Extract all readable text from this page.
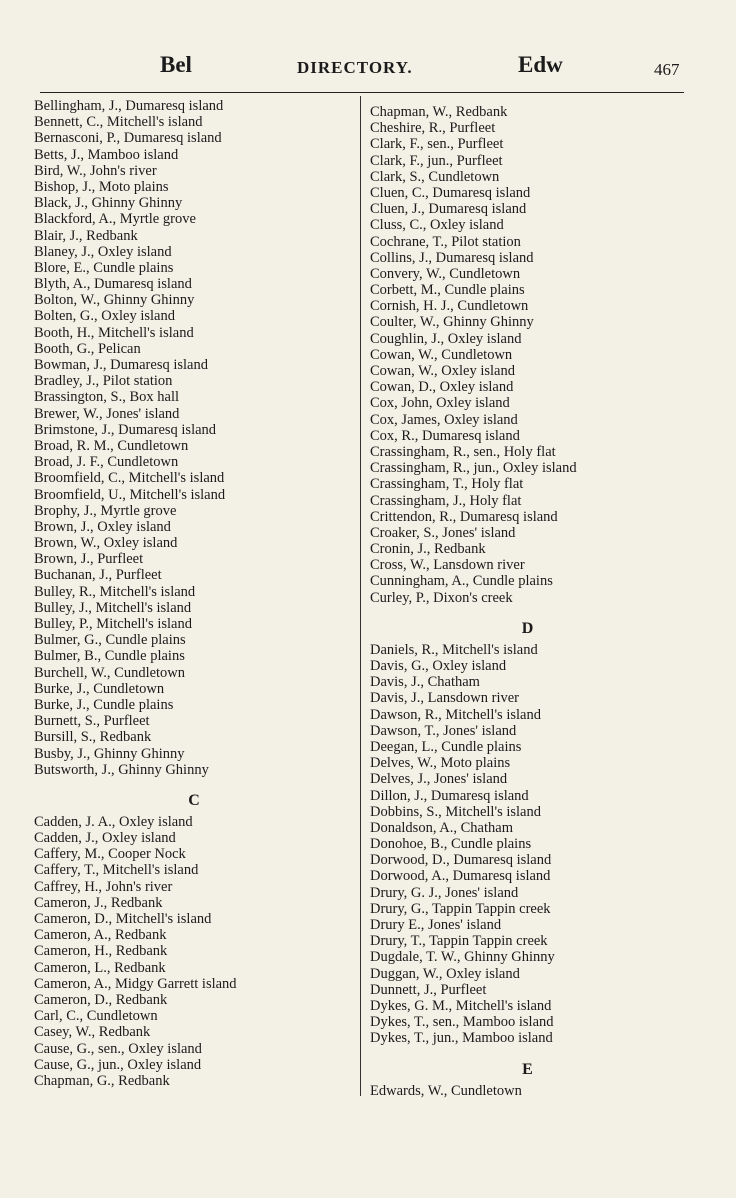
Bel	DIRECTORY.	Edw	467
Bellingham, J., Dumaresq island
Bennett, C., Mitchell's island
Bernasconi, P., Dumaresq island
Betts, J., Mamboo island
Bird, W., John's river
Bishop, J., Moto plains
Black, J., Ghinny Ghinny
Blackford, A., Myrtle grove
Blair, J., Redbank
Blaney, J., Oxley island
Blore, E., Cundle plains
Blyth, A., Dumaresq island
Bolton, W., Ghinny Ghinny
Bolten, G., Oxley island
Booth, H., Mitchell's island
Booth, G., Pelican
Bowman, J., Dumaresq island
Bradley, J., Pilot station
Brassington, S., Box hall
Brewer, W., Jones' island
Brimstone, J., Dumaresq island
Broad, R. M., Cundletown
Broad, J. F., Cundletown
Broomfield, C., Mitchell's island
Broomfield, U., Mitchell's island
Brophy, J., Myrtle grove
Brown, J., Oxley island
Brown, W., Oxley island
Brown, J., Purfleet
Buchanan, J., Purfleet
Bulley, R., Mitchell's island
Bulley, J., Mitchell's island
Bulley, P., Mitchell's island
Bulmer, G., Cundle plains
Bulmer, B., Cundle plains
Burchell, W., Cundletown
Burke, J., Cundletown
Burke, J., Cundle plains
Burnett, S., Purfleet
Bursill, S., Redbank
Busby, J., Ghinny Ghinny
Butsworth, J., Ghinny Ghinny
C
Cadden, J. A., Oxley island
Cadden, J., Oxley island
Caffery, M., Cooper Nock
Caffery, T., Mitchell's island
Caffrey, H., John's river
Cameron, J., Redbank
Cameron, D., Mitchell's island
Cameron, A., Redbank
Cameron, H., Redbank
Cameron, L., Redbank
Cameron, A., Midgy Garrett island
Cameron, D., Redbank
Carl, C., Cundletown
Casey, W., Redbank
Cause, G., sen., Oxley island
Cause, G., jun., Oxley island
Chapman, G., Redbank
Chapman, W., Redbank
Cheshire, R., Purfleet
Clark, F., sen., Purfleet
Clark, F., jun., Purfleet
Clark, S., Cundletown
Cluen, C., Dumaresq island
Cluen, J., Dumaresq island
Cluss, C., Oxley island
Cochrane, T., Pilot station
Collins, J., Dumaresq island
Convery, W., Cundletown
Corbett, M., Cundle plains
Cornish, H. J., Cundletown
Coulter, W., Ghinny Ghinny
Coughlin, J., Oxley island
Cowan, W., Cundletown
Cowan, W., Oxley island
Cowan, D., Oxley island
Cox, John, Oxley island
Cox, James, Oxley island
Cox, R., Dumaresq island
Crassingham, R., sen., Holy flat
Crassingham, R., jun., Oxley island
Crassingham, T., Holy flat
Crassingham, J., Holy flat
Crittendon, R., Dumaresq island
Croaker, S., Jones' island
Cronin, J., Redbank
Cross, W., Lansdown river
Cunningham, A., Cundle plains
Curley, P., Dixon's creek
D
Daniels, R., Mitchell's island
Davis, G., Oxley island
Davis, J., Chatham
Davis, J., Lansdown river
Dawson, R., Mitchell's island
Dawson, T., Jones' island
Deegan, L., Cundle plains
Delves, W., Moto plains
Delves, J., Jones' island
Dillon, J., Dumaresq island
Dobbins, S., Mitchell's island
Donaldson, A., Chatham
Donohoe, B., Cundle plains
Dorwood, D., Dumaresq island
Dorwood, A., Dumaresq island
Drury, G. J., Jones' island
Drury, G., Tappin Tappin creek
Drury E., Jones' island
Drury, T., Tappin Tappin creek
Dugdale, T. W., Ghinny Ghinny
Duggan, W., Oxley island
Dunnett, J., Purfleet
Dykes, G. M., Mitchell's island
Dykes, T., sen., Mamboo island
Dykes, T., jun., Mamboo island
E
Edwards, W., Cundletown
